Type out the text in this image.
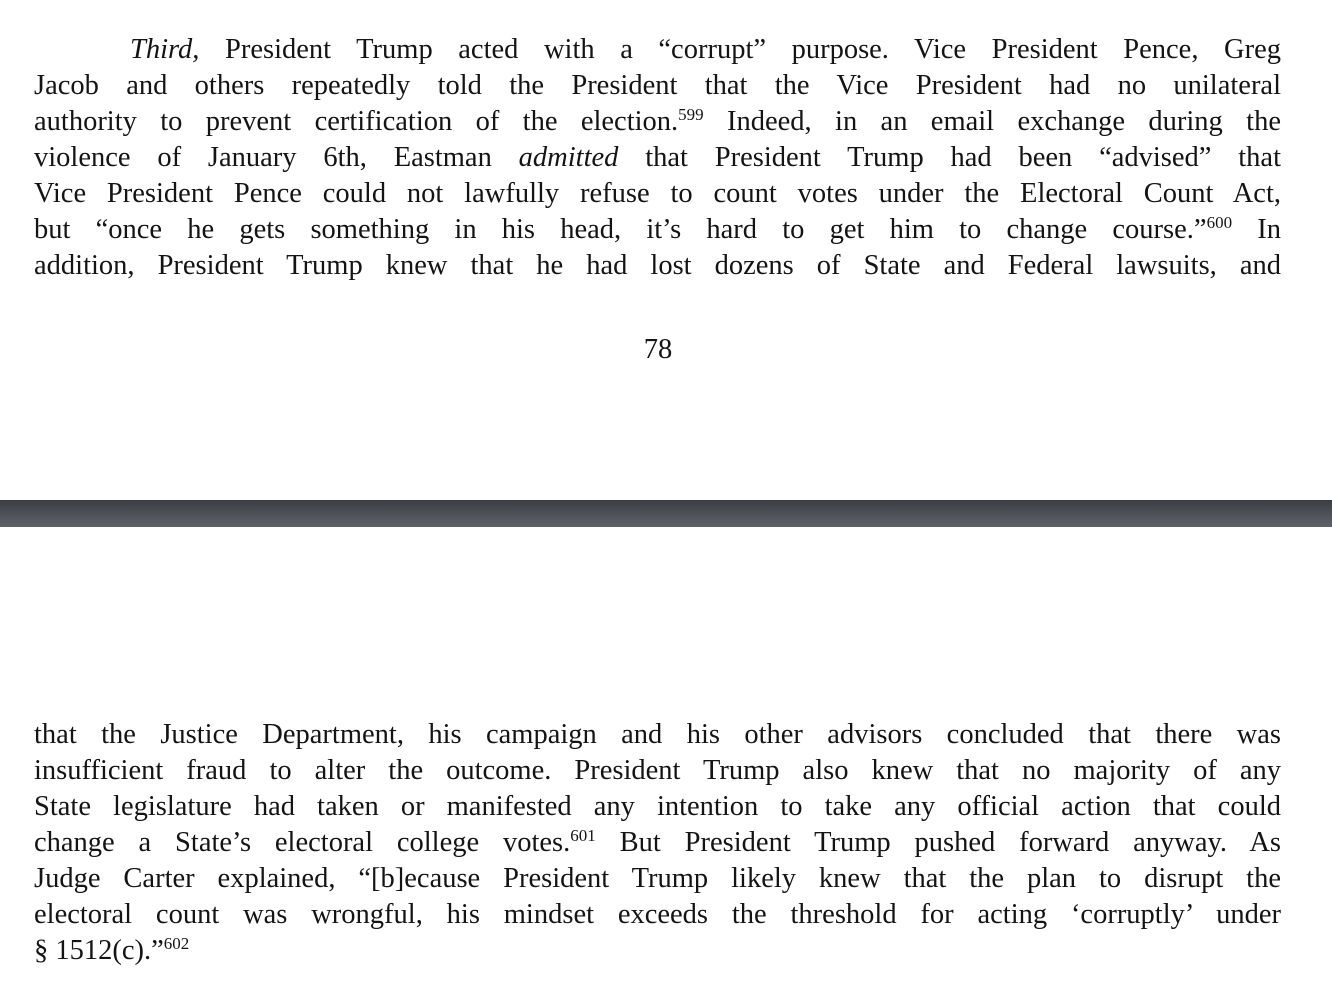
Third, President Trump acted with a “corrupt” purpose. Vice President Pence, Greg
Jacob and others repeatedly told the President that the Vice President had no unilateral
authority to prevent certification of the election.$^{599}$ Indeed, in an email exchange during the
violence of January 6th, Eastman admitted that President Trump had been “advised” that
Vice President Pence could not lawfully refuse to count votes under the Electoral Count Act,
but “once he gets something in his head, it’s hard to get him to change course.”$^{600}$ In
addition, President Trump knew that he had lost dozens of State and Federal lawsuits, and

78

that the Justice Department, his campaign and his other advisors concluded that there was
insufficient fraud to alter the outcome. President Trump also knew that no majority of any
State legislature had taken or manifested any intention to take any official action that could
change a State’s electoral college votes.$^{601}$ But President Trump pushed forward anyway. As
Judge Carter explained, “[b]ecause President Trump likely knew that the plan to disrupt the
electoral count was wrongful, his mindset exceeds the threshold for acting ‘corruptly’ under
§ 1512(c).”$^{602}$
